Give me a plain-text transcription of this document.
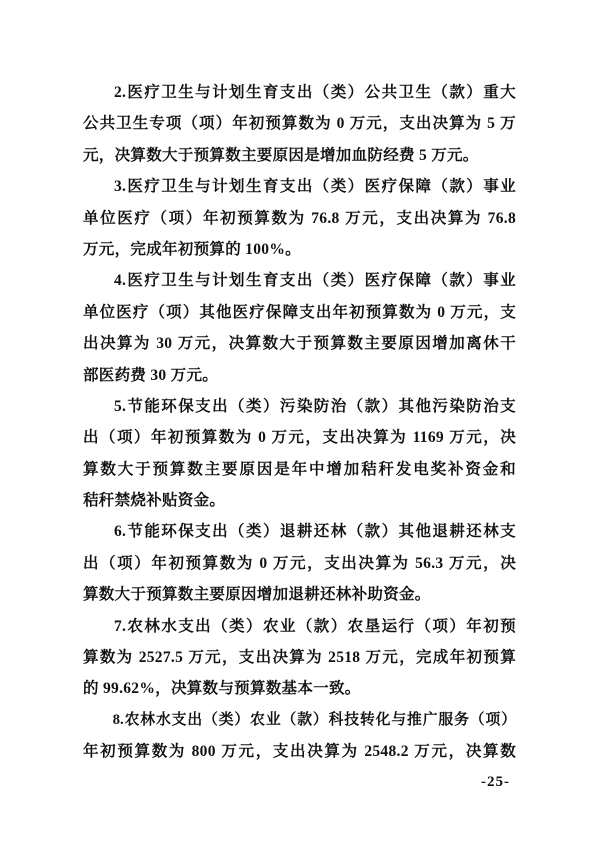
2.医疗卫生与计划生育支出（类）公共卫生（款）重大
公共卫生专项（项）年初预算数为 0 万元，支出决算为 5 万
元，决算数大于预算数主要原因是增加血防经费 5 万元。
3.医疗卫生与计划生育支出（类）医疗保障（款）事业
单位医疗（项）年初预算数为 76.8 万元，支出决算为 76.8
万元，完成年初预算的 100%。
4.医疗卫生与计划生育支出（类）医疗保障（款）事业
单位医疗（项）其他医疗保障支出年初预算数为 0 万元，支
出决算为 30 万元，决算数大于预算数主要原因增加离休干
部医药费 30 万元。
5.节能环保支出（类）污染防治（款）其他污染防治支
出（项）年初预算数为 0 万元，支出决算为 1169 万元，决
算数大于预算数主要原因是年中增加秸秆发电奖补资金和
秸秆禁烧补贴资金。
6.节能环保支出（类）退耕还林（款）其他退耕还林支
出（项）年初预算数为 0 万元，支出决算为 56.3 万元，决
算数大于预算数主要原因增加退耕还林补助资金。
7.农林水支出（类）农业（款）农垦运行（项）年初预
算数为 2527.5 万元，支出决算为 2518 万元，完成年初预算
的 99.62%，决算数与预算数基本一致。
8.农林水支出（类）农业（款）科技转化与推广服务（项）
年初预算数为 800 万元，支出决算为 2548.2 万元，决算数
-25-
